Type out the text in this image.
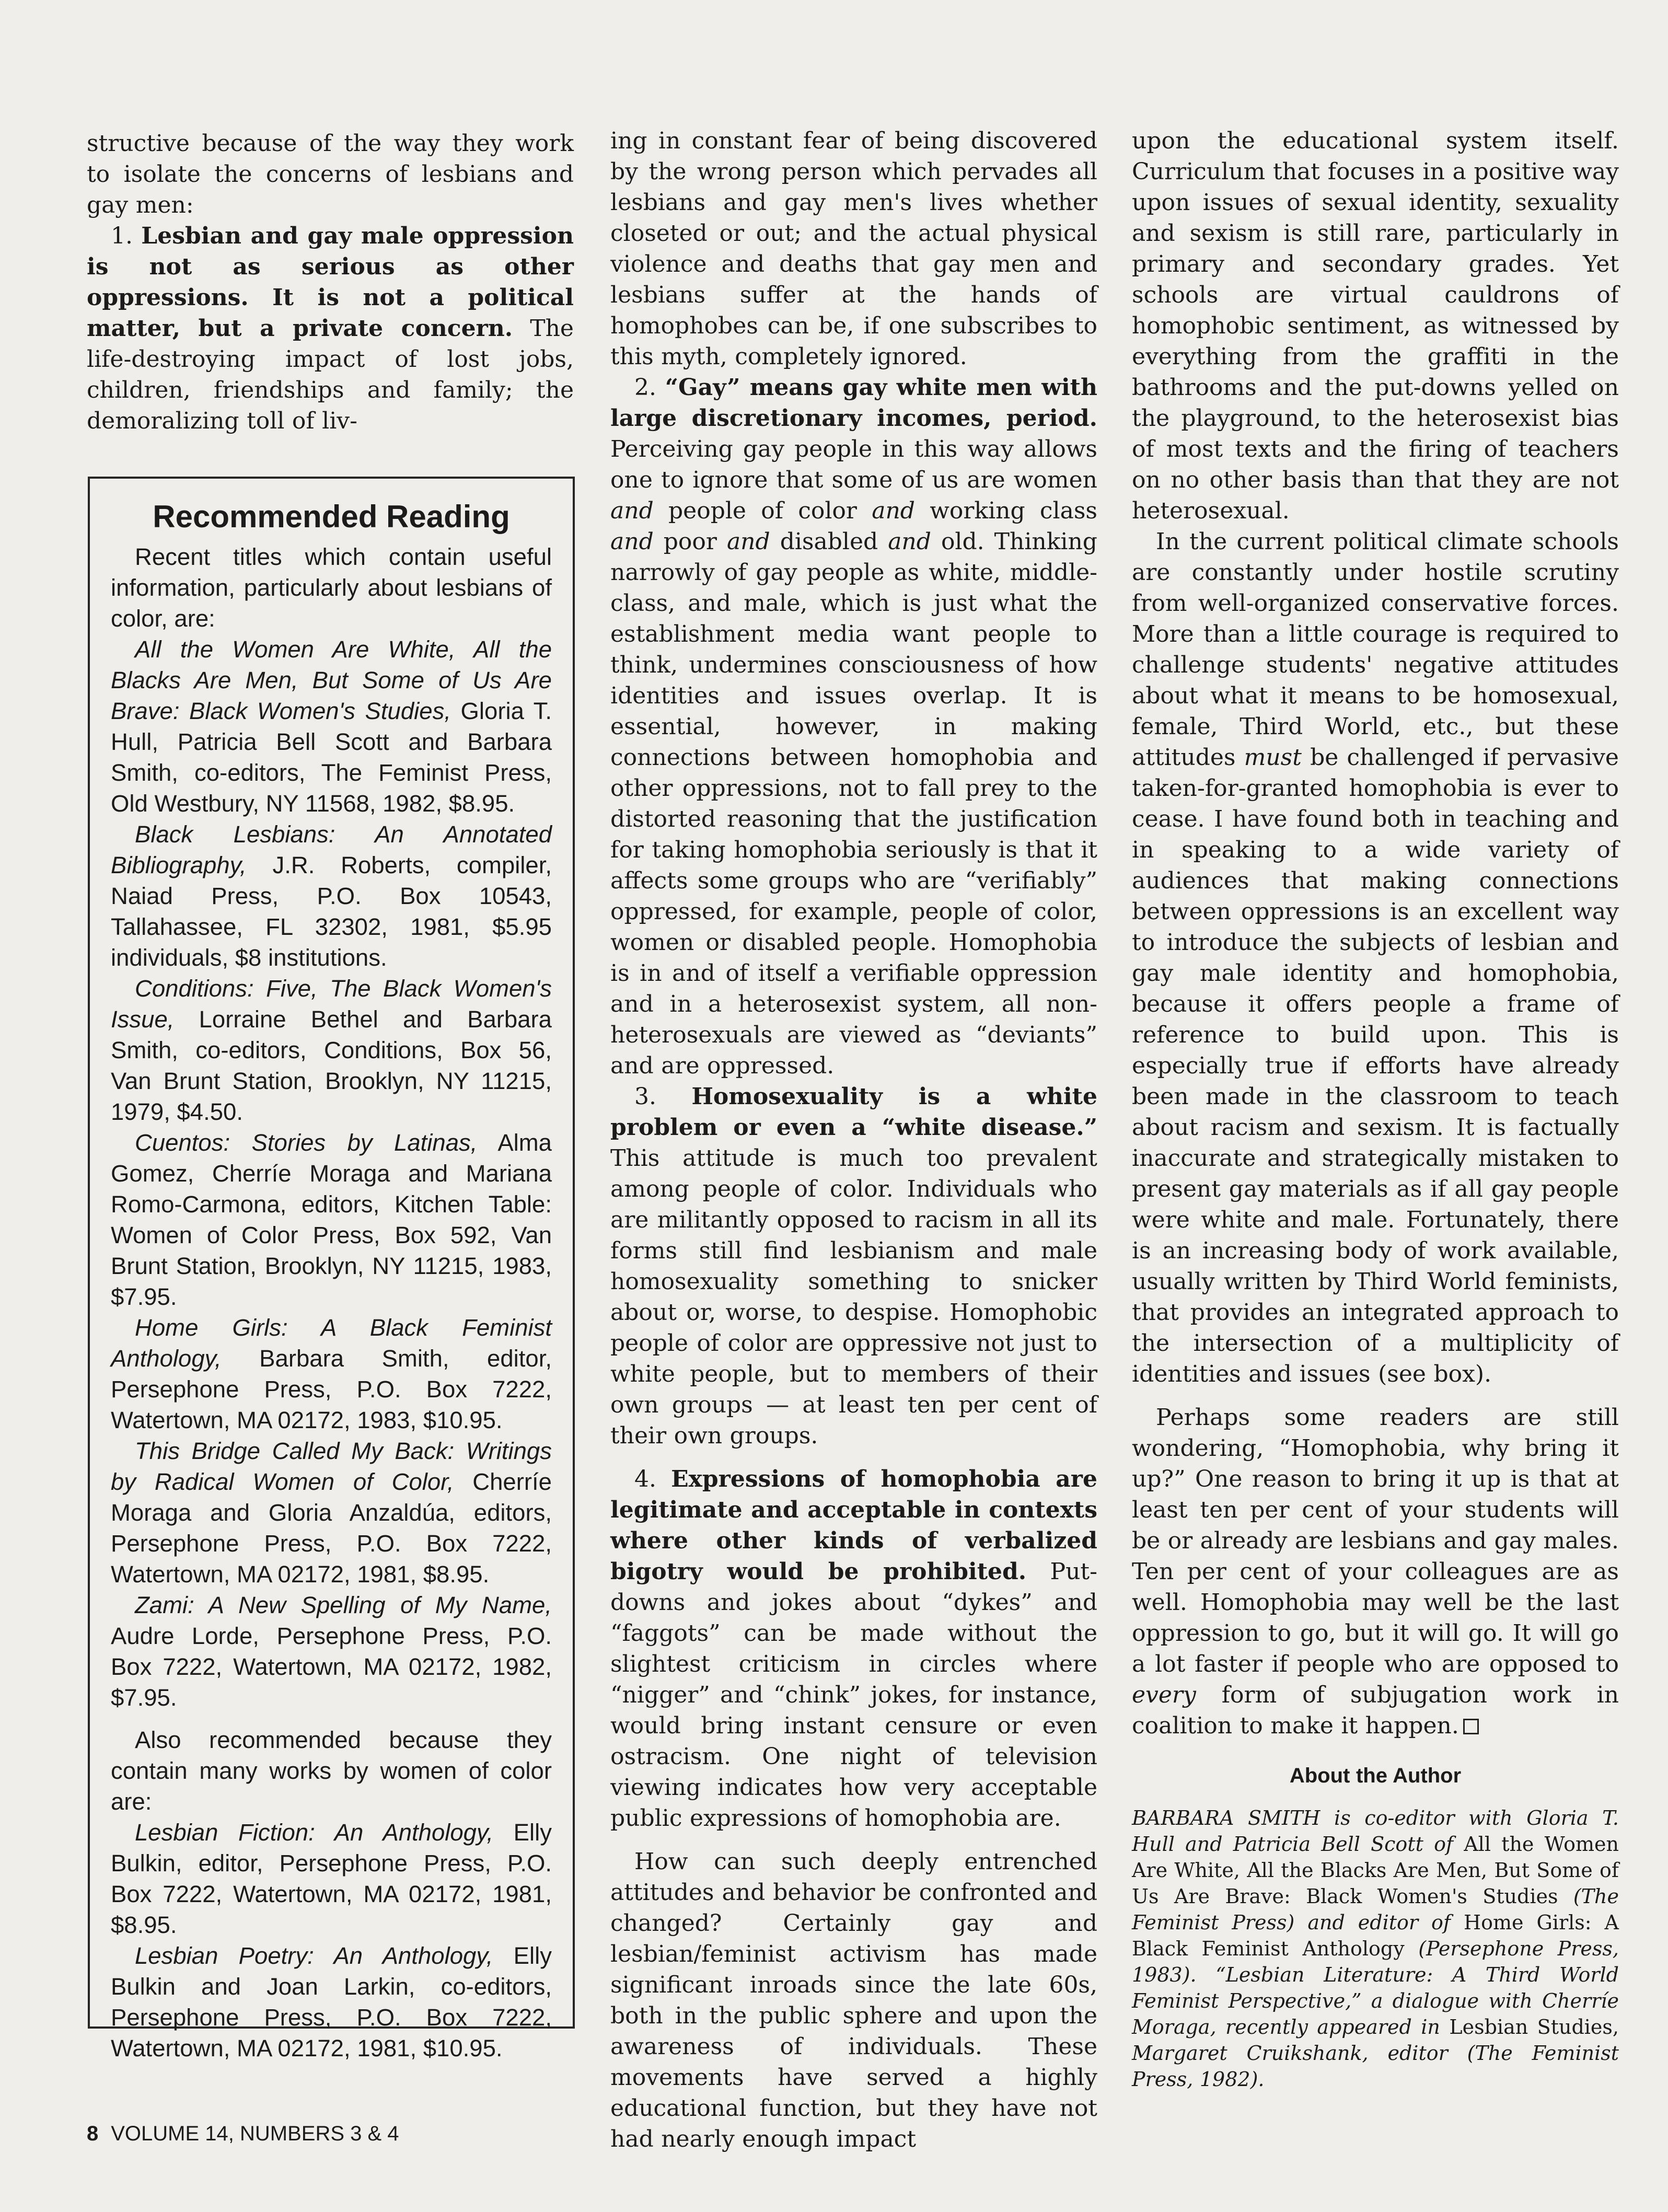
structive because of the way they work to isolate the concerns of lesbians and gay men:

1. Lesbian and gay male oppression is not as serious as other oppressions. It is not a political matter, but a private concern. The life-destroying impact of lost jobs, children, friendships and family; the demoralizing toll of liv-

Recommended Reading

Recent titles which contain useful information, particularly about lesbians of color, are:

All the Women Are White, All the Blacks Are Men, But Some of Us Are Brave: Black Women's Studies, Gloria T. Hull, Patricia Bell Scott and Barbara Smith, co-editors, The Feminist Press, Old Westbury, NY 11568, 1982, $8.95.

Black Lesbians: An Annotated Bibliography, J.R. Roberts, compiler, Naiad Press, P.O. Box 10543, Tallahassee, FL 32302, 1981, $5.95 individuals, $8 institutions.

Conditions: Five, The Black Women's Issue, Lorraine Bethel and Barbara Smith, co-editors, Conditions, Box 56, Van Brunt Station, Brooklyn, NY 11215, 1979, $4.50.

Cuentos: Stories by Latinas, Alma Gomez, Cherríe Moraga and Mariana Romo-Carmona, editors, Kitchen Table: Women of Color Press, Box 592, Van Brunt Station, Brooklyn, NY 11215, 1983, $7.95.

Home Girls: A Black Feminist Anthology, Barbara Smith, editor, Persephone Press, P.O. Box 7222, Watertown, MA 02172, 1983, $10.95.

This Bridge Called My Back: Writings by Radical Women of Color, Cherríe Moraga and Gloria Anzaldúa, editors, Persephone Press, P.O. Box 7222, Watertown, MA 02172, 1981, $8.95.

Zami: A New Spelling of My Name, Audre Lorde, Persephone Press, P.O. Box 7222, Watertown, MA 02172, 1982, $7.95.

Also recommended because they contain many works by women of color are:

Lesbian Fiction: An Anthology, Elly Bulkin, editor, Persephone Press, P.O. Box 7222, Watertown, MA 02172, 1981, $8.95.

Lesbian Poetry: An Anthology, Elly Bulkin and Joan Larkin, co-editors, Persephone Press, P.O. Box 7222, Watertown, MA 02172, 1981, $10.95.

ing in constant fear of being discovered by the wrong person which pervades all lesbians and gay men's lives whether closeted or out; and the actual physical violence and deaths that gay men and lesbians suffer at the hands of homophobes can be, if one subscribes to this myth, completely ignored.

2. “Gay” means gay white men with large discretionary incomes, period. Perceiving gay people in this way allows one to ignore that some of us are women and people of color and working class and poor and disabled and old. Thinking narrowly of gay people as white, middle-class, and male, which is just what the establishment media want people to think, undermines consciousness of how identities and issues overlap. It is essential, however, in making connections between homophobia and other oppressions, not to fall prey to the distorted reasoning that the justification for taking homophobia seriously is that it affects some groups who are “verifiably” oppressed, for example, people of color, women or disabled people. Homophobia is in and of itself a verifiable oppression and in a heterosexist system, all non-heterosexuals are viewed as “deviants” and are oppressed.

3. Homosexuality is a white problem or even a “white disease.” This attitude is much too prevalent among people of color. Individuals who are militantly opposed to racism in all its forms still find lesbianism and male homosexuality something to snicker about or, worse, to despise. Homophobic people of color are oppressive not just to white people, but to members of their own groups — at least ten per cent of their own groups.

4. Expressions of homophobia are legitimate and acceptable in contexts where other kinds of verbalized bigotry would be prohibited. Put-downs and jokes about “dykes” and “faggots” can be made without the slightest criticism in circles where “nigger” and “chink” jokes, for instance, would bring instant censure or even ostracism. One night of television viewing indicates how very acceptable public expressions of homophobia are.

How can such deeply entrenched attitudes and behavior be confronted and changed? Certainly gay and lesbian/feminist activism has made significant inroads since the late 60s, both in the public sphere and upon the awareness of individuals. These movements have served a highly educational function, but they have not had nearly enough impact

upon the educational system itself. Curriculum that focuses in a positive way upon issues of sexual identity, sexuality and sexism is still rare, particularly in primary and secondary grades. Yet schools are virtual cauldrons of homophobic sentiment, as witnessed by everything from the graffiti in the bathrooms and the put-downs yelled on the playground, to the heterosexist bias of most texts and the firing of teachers on no other basis than that they are not heterosexual.

In the current political climate schools are constantly under hostile scrutiny from well-organized conservative forces. More than a little courage is required to challenge students' negative attitudes about what it means to be homosexual, female, Third World, etc., but these attitudes must be challenged if pervasive taken-for-granted homophobia is ever to cease. I have found both in teaching and in speaking to a wide variety of audiences that making connections between oppressions is an excellent way to introduce the subjects of lesbian and gay male identity and homophobia, because it offers people a frame of reference to build upon. This is especially true if efforts have already been made in the classroom to teach about racism and sexism. It is factually inaccurate and strategically mistaken to present gay materials as if all gay people were white and male. Fortunately, there is an increasing body of work available, usually written by Third World feminists, that provides an integrated approach to the intersection of a multiplicity of identities and issues (see box).

Perhaps some readers are still wondering, “Homophobia, why bring it up?” One reason to bring it up is that at least ten per cent of your students will be or already are lesbians and gay males. Ten per cent of your colleagues are as well. Homophobia may well be the last oppression to go, but it will go. It will go a lot faster if people who are opposed to every form of subjugation work in coalition to make it happen.

About the Author

BARBARA SMITH is co-editor with Gloria T. Hull and Patricia Bell Scott of All the Women Are White, All the Blacks Are Men, But Some of Us Are Brave: Black Women's Studies (The Feminist Press) and editor of Home Girls: A Black Feminist Anthology (Persephone Press, 1983). “Lesbian Literature: A Third World Feminist Perspective,” a dialogue with Cherríe Moraga, recently appeared in Lesbian Studies, Margaret Cruikshank, editor (The Feminist Press, 1982).

8 VOLUME 14, NUMBERS 3 & 4
